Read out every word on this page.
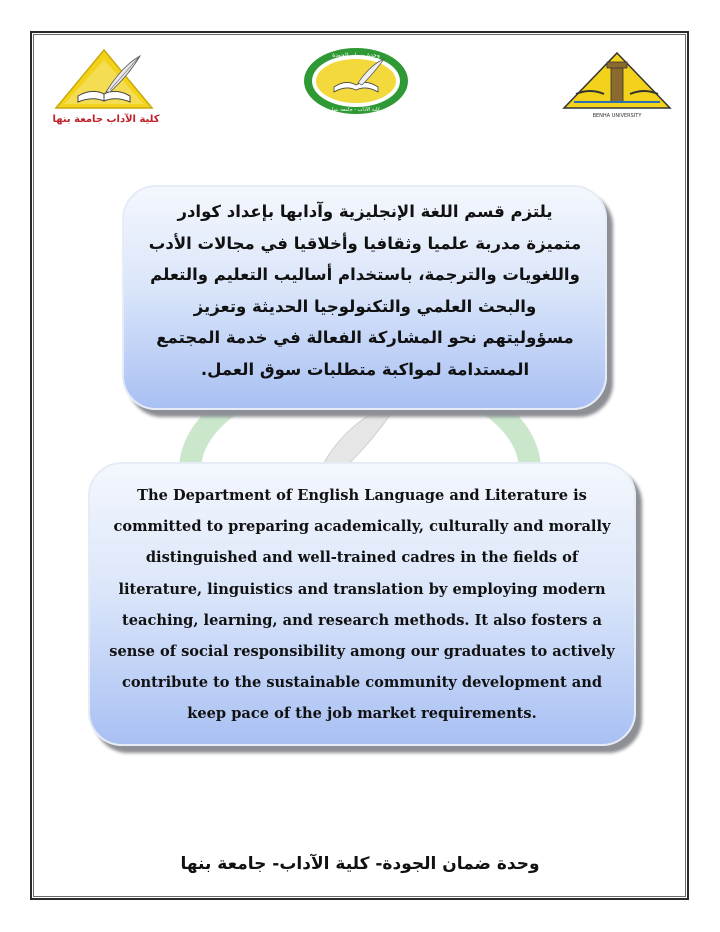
كلية الآداب جامعة بنها
وحدة ضمان الجودة
كلية الآداب - جامعة بنها
BENHA UNIVERSITY
يلتزم قسم اللغة الإنجليزية وآدابها بإعداد كوادر
متميزة مدربة علميا وثقافيا وأخلاقيا في مجالات الأدب
واللغويات والترجمة، باستخدام أساليب التعليم والتعلم
والبحث العلمي والتكنولوجيا الحديثة وتعزيز
مسؤوليتهم نحو المشاركة الفعالة في خدمة المجتمع
المستدامة لمواكبة متطلبات سوق العمل.
The Department of English Language and Literature is
committed to preparing academically, culturally and morally
distinguished and well-trained cadres in the fields of
literature, linguistics and translation by employing modern
teaching, learning, and research methods. It also fosters a
sense of social responsibility among our graduates to actively
contribute to the sustainable community development and
keep pace of the job market requirements.
وحدة ضمان الجودة- كلية الآداب- جامعة بنها
